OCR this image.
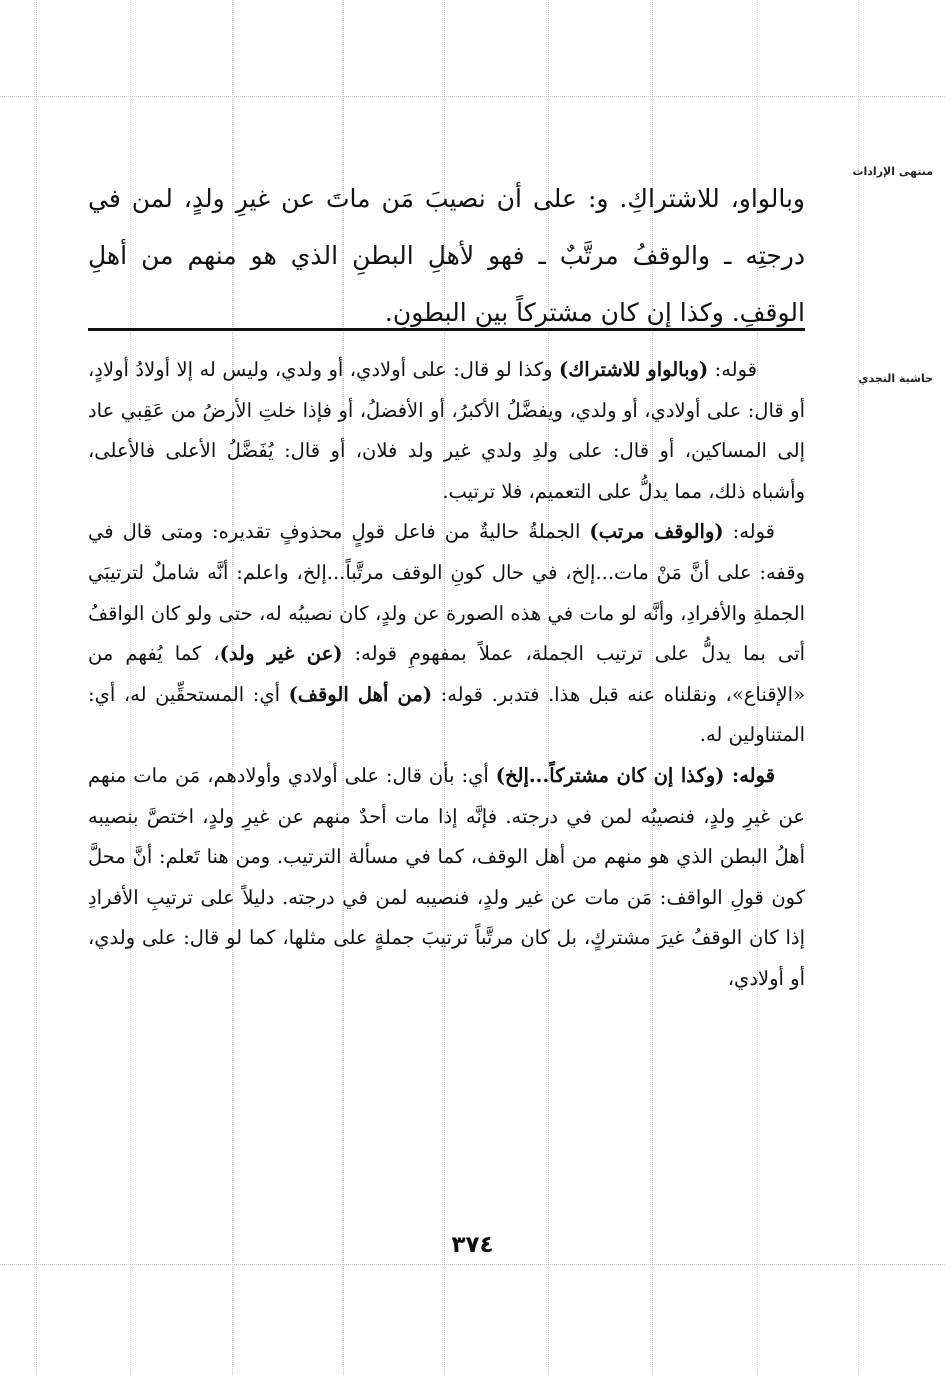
منتهى الإرادات
حاشية النجدي

وبالواو، للاشتراكِ. و: على أن نصيبَ مَن ماتَ عن غيرِ ولدٍ، لمن في درجتِه ـ والوقفُ مرتَّبٌ ـ فهو لأهلِ البطنِ الذي هو منهم من أهلِ الوقفِ. وكذا إن كان مشتركاً بين البطونِ.

قوله: (وبالواو للاشتراك) وكذا لو قال: على أولادي، أو ولدي، وليس له إلا أولادُ أولادٍ، أو قال: على أولادي، أو ولدي، ويفضَّلُ الأكبرُ، أو الأفضلُ، أو فإذا خلتِ الأرضُ من عَقِبي عاد إلى المساكين، أو قال: على ولدِ ولدي غير ولد فلان، أو قال: يُفَضَّلُ الأعلى فالأعلى، وأشباه ذلك، مما يدلُّ على التعميم، فلا ترتيب.

قوله: (والوقف مرتب) الجملةُ حاليةٌ من فاعل قولٍ محذوفٍ تقديره: ومتى قال في وقفه: على أنَّ مَنْ مات...إلخ، في حال كونِ الوقف مرتَّباً...إلخ، واعلم: أنَّه شاملٌ لترتيبَي الجملةِ والأفرادِ، وأنَّه لو مات في هذه الصورة عن ولدٍ، كان نصيبُه له، حتى ولو كان الواقفُ أتى بما يدلُّ على ترتيب الجملة، عملاً بمفهومِ قوله: (عن غير ولد)، كما يُفهم من «الإقناع»، ونقلناه عنه قبل هذا. فتدبر. قوله: (من أهل الوقف) أي: المستحقِّين له، أي: المتناولين له.

قوله: (وكذا إن كان مشتركاً...إلخ) أي: بأن قال: على أولادي وأولادهم، مَن مات منهم عن غيرِ ولدٍ، فنصيبُه لمن في درجته. فإنَّه إذا مات أحدٌ منهم عن غيرِ ولدٍ، اختصَّ بنصيبه أهلُ البطن الذي هو منهم من أهل الوقف، كما في مسألة الترتيب. ومن هنا تَعلم: أنَّ محلَّ كون قولِ الواقف: مَن مات عن غير ولدٍ، فنصيبه لمن في درجته. دليلاً على ترتيبِ الأفرادِ إذا كان الوقفُ غيرَ مشتركٍ، بل كان مرتَّباً ترتيبَ جملةٍ على مثلها، كما لو قال: على ولدي، أو أولادي،

٣٧٤
